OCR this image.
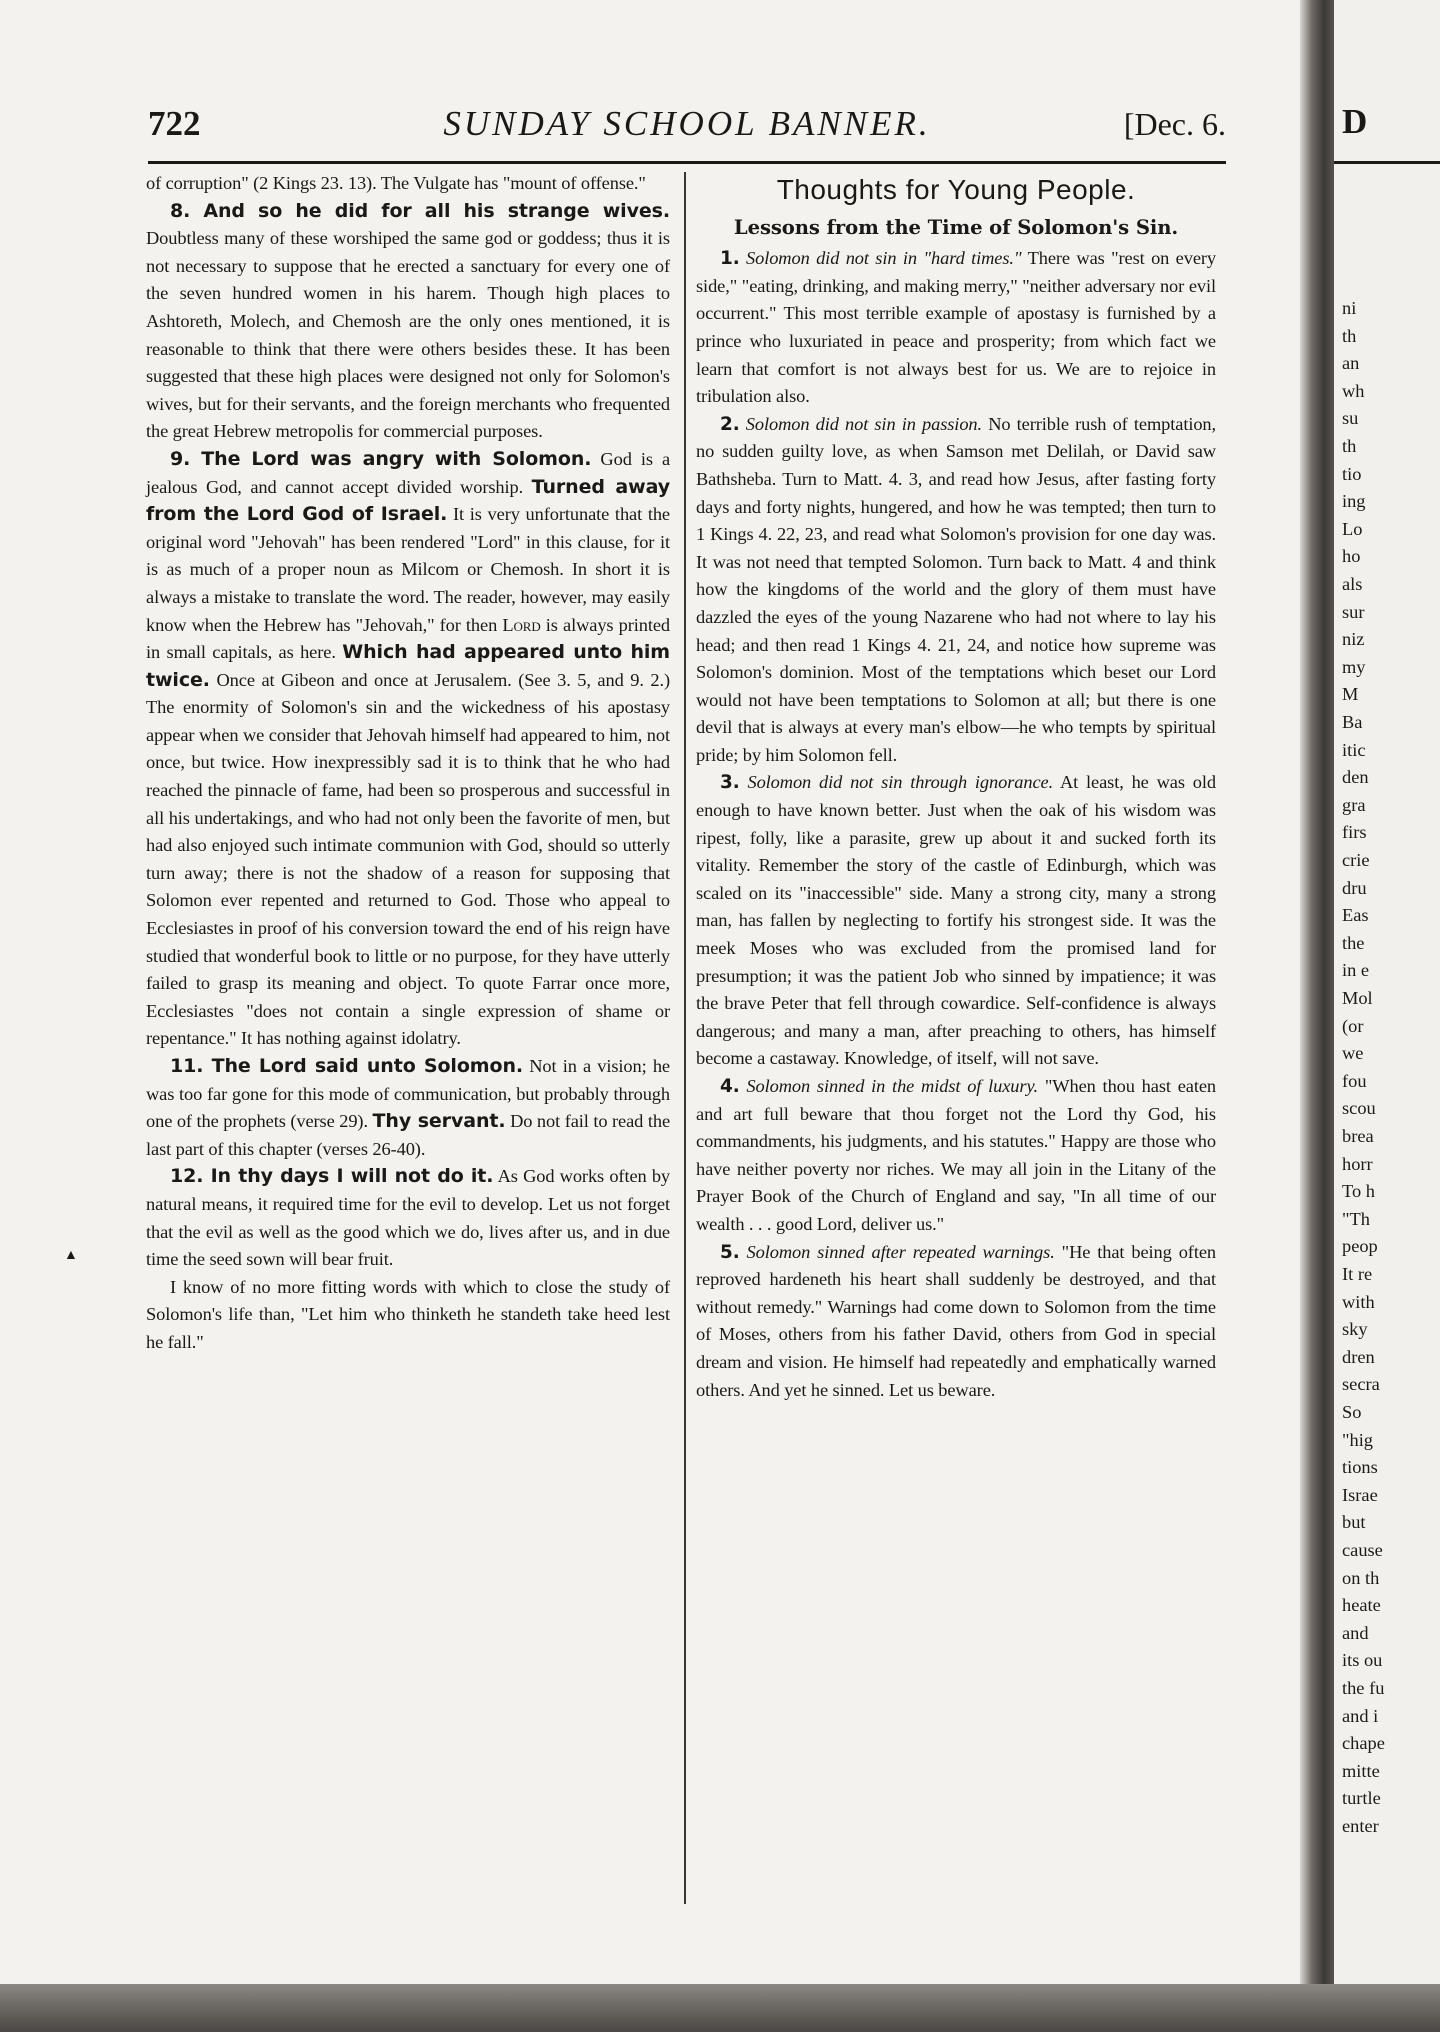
722	SUNDAY SCHOOL BANNER.	[Dec. 6.
▲

of corruption" (2 Kings 23. 13). The Vulgate has "mount of offense."

8. And so he did for all his strange wives. Doubtless many of these worshiped the same god or goddess; thus it is not necessary to suppose that he erected a sanctuary for every one of the seven hundred women in his harem. Though high places to Ashtoreth, Molech, and Chemosh are the only ones mentioned, it is reasonable to think that there were others besides these. It has been suggested that these high places were designed not only for Solomon's wives, but for their servants, and the foreign merchants who frequented the great Hebrew metropolis for commercial purposes.

9. The Lord was angry with Solomon. God is a jealous God, and cannot accept divided worship. Turned away from the Lord God of Israel. It is very unfortunate that the original word "Jehovah" has been rendered "Lord" in this clause, for it is as much of a proper noun as Milcom or Chemosh. In short it is always a mistake to translate the word. The reader, however, may easily know when the Hebrew has "Jehovah," for then Lord is always printed in small capitals, as here. Which had appeared unto him twice. Once at Gibeon and once at Jerusalem. (See 3. 5, and 9. 2.) The enormity of Solomon's sin and the wickedness of his apostasy appear when we consider that Jehovah himself had appeared to him, not once, but twice. How inexpressibly sad it is to think that he who had reached the pinnacle of fame, had been so prosperous and successful in all his undertakings, and who had not only been the favorite of men, but had also enjoyed such intimate communion with God, should so utterly turn away; there is not the shadow of a reason for supposing that Solomon ever repented and returned to God. Those who appeal to Ecclesiastes in proof of his conversion toward the end of his reign have studied that wonderful book to little or no purpose, for they have utterly failed to grasp its meaning and object. To quote Farrar once more, Ecclesiastes "does not contain a single expression of shame or repentance." It has nothing against idolatry.

11. The Lord said unto Solomon. Not in a vision; he was too far gone for this mode of communication, but probably through one of the prophets (verse 29). Thy servant. Do not fail to read the last part of this chapter (verses 26-40).

12. In thy days I will not do it. As God works often by natural means, it required time for the evil to develop. Let us not forget that the evil as well as the good which we do, lives after us, and in due time the seed sown will bear fruit.

I know of no more fitting words with which to close the study of Solomon's life than, "Let him who thinketh he standeth take heed lest he fall."

Thoughts for Young People.
Lessons from the Time of Solomon's Sin.

1. Solomon did not sin in "hard times." There was "rest on every side," "eating, drinking, and making merry," "neither adversary nor evil occurrent." This most terrible example of apostasy is furnished by a prince who luxuriated in peace and prosperity; from which fact we learn that comfort is not always best for us. We are to rejoice in tribulation also.

2. Solomon did not sin in passion. No terrible rush of temptation, no sudden guilty love, as when Samson met Delilah, or David saw Bathsheba. Turn to Matt. 4. 3, and read how Jesus, after fasting forty days and forty nights, hungered, and how he was tempted; then turn to 1 Kings 4. 22, 23, and read what Solomon's provision for one day was. It was not need that tempted Solomon. Turn back to Matt. 4 and think how the kingdoms of the world and the glory of them must have dazzled the eyes of the young Nazarene who had not where to lay his head; and then read 1 Kings 4. 21, 24, and notice how supreme was Solomon's dominion. Most of the temptations which beset our Lord would not have been temptations to Solomon at all; but there is one devil that is always at every man's elbow—he who tempts by spiritual pride; by him Solomon fell.

3. Solomon did not sin through ignorance. At least, he was old enough to have known better. Just when the oak of his wisdom was ripest, folly, like a parasite, grew up about it and sucked forth its vitality. Remember the story of the castle of Edinburgh, which was scaled on its "inaccessible" side. Many a strong city, many a strong man, has fallen by neglecting to fortify his strongest side. It was the meek Moses who was excluded from the promised land for presumption; it was the patient Job who sinned by impatience; it was the brave Peter that fell through cowardice. Self-confidence is always dangerous; and many a man, after preaching to others, has himself become a castaway. Knowledge, of itself, will not save.

4. Solomon sinned in the midst of luxury. "When thou hast eaten and art full beware that thou forget not the Lord thy God, his commandments, his judgments, and his statutes." Happy are those who have neither poverty nor riches. We may all join in the Litany of the Prayer Book of the Church of England and say, "In all time of our wealth . . . good Lord, deliver us."

5. Solomon sinned after repeated warnings. "He that being often reproved hardeneth his heart shall suddenly be destroyed, and that without remedy." Warnings had come down to Solomon from the time of Moses, others from his father David, others from God in special dream and vision. He himself had repeatedly and emphatically warned others. And yet he sinned. Let us beware.

D
ni
th
an
wh
su
th
tio
ing
Lo
ho
als
sur
niz
my
M
Ba
itic
den
gra
firs
crie
dru
Eas
the
in e
Mol
(or
we
fou
scou
brea
horr
To h
"Th
peop
It re
with
sky
dren
secra
So
"hig
tions
Israe
but
cause
on th
heate
and
its ou
the fu
and i
chape
mitte
turtle
enter
